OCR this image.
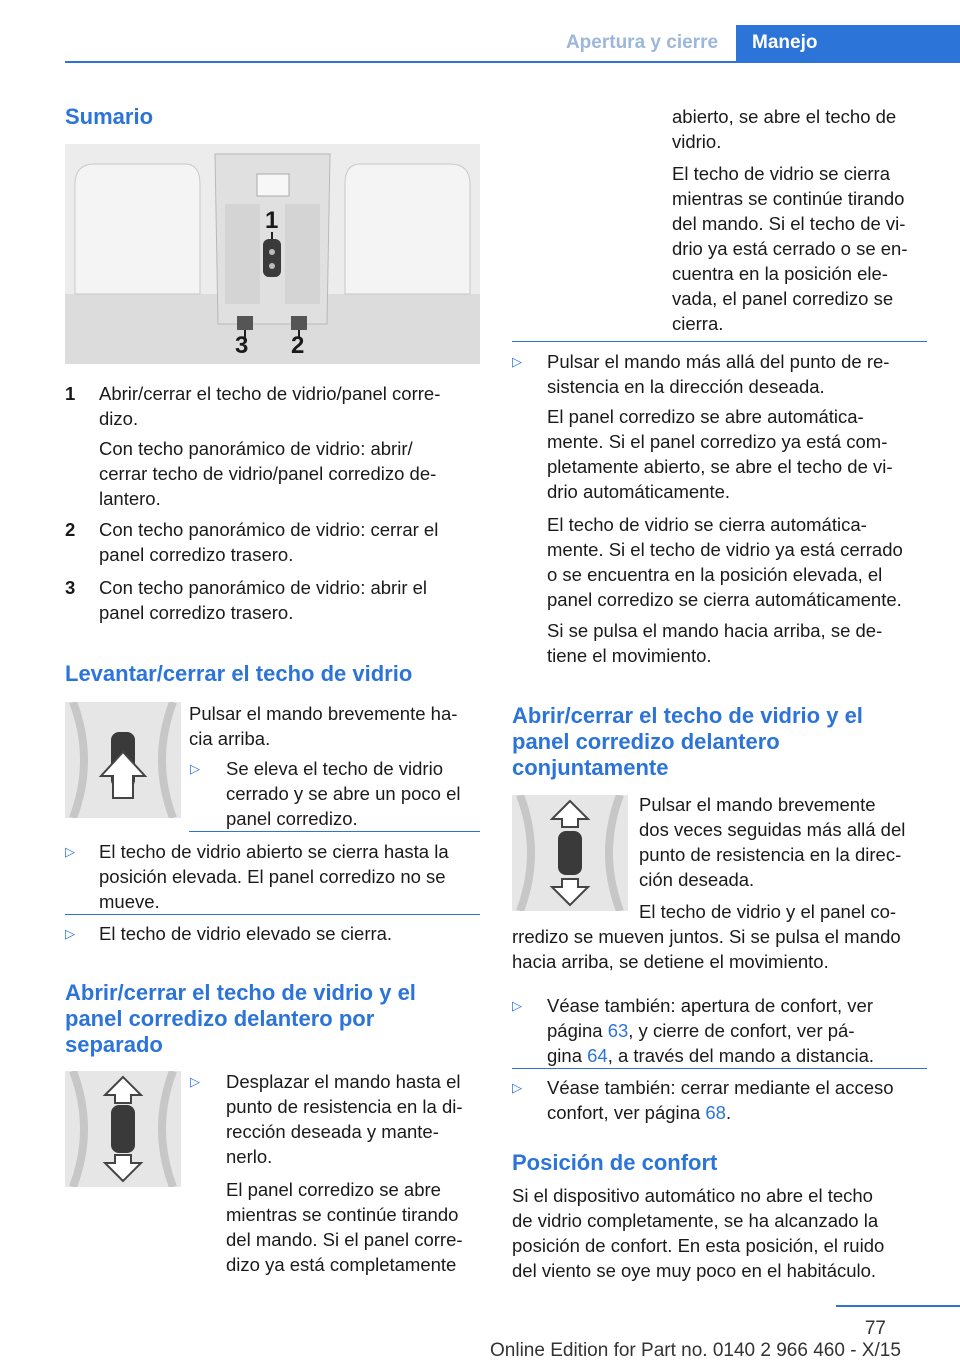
Apertura y cierre	Manejo
Sumario
1
3 2
1 Abrir/cerrar el techo de vidrio/panel corre-
dizo.
Con techo panorámico de vidrio: abrir/
cerrar techo de vidrio/panel corredizo de-
lantero.
2 Con techo panorámico de vidrio: cerrar el
panel corredizo trasero.
3 Con techo panorámico de vidrio: abrir el
panel corredizo trasero.
Levantar/cerrar el techo de vidrio
Pulsar el mando brevemente ha-
cia arriba.
▷ Se eleva el techo de vidrio
cerrado y se abre un poco el
panel corredizo.
▷ El techo de vidrio abierto se cierra hasta la
posición elevada. El panel corredizo no se
mueve.
▷ El techo de vidrio elevado se cierra.
Abrir/cerrar el techo de vidrio y el
panel corredizo delantero por
separado
▷ Desplazar el mando hasta el
punto de resistencia en la di-
rección deseada y mante-
nerlo.
El panel corredizo se abre
mientras se continúe tirando
del mando. Si el panel corre-
dizo ya está completamente
abierto, se abre el techo de
vidrio.
El techo de vidrio se cierra
mientras se continúe tirando
del mando. Si el techo de vi-
drio ya está cerrado o se en-
cuentra en la posición ele-
vada, el panel corredizo se
cierra.
▷ Pulsar el mando más allá del punto de re-
sistencia en la dirección deseada.
El panel corredizo se abre automática-
mente. Si el panel corredizo ya está com-
pletamente abierto, se abre el techo de vi-
drio automáticamente.
El techo de vidrio se cierra automática-
mente. Si el techo de vidrio ya está cerrado
o se encuentra en la posición elevada, el
panel corredizo se cierra automáticamente.
Si se pulsa el mando hacia arriba, se de-
tiene el movimiento.
Abrir/cerrar el techo de vidrio y el
panel corredizo delantero
conjuntamente
Pulsar el mando brevemente
dos veces seguidas más allá del
punto de resistencia en la direc-
ción deseada.
El techo de vidrio y el panel co-
rredizo se mueven juntos. Si se pulsa el mando
hacia arriba, se detiene el movimiento.
▷ Véase también: apertura de confort, ver
página 63, y cierre de confort, ver pá-
gina 64, a través del mando a distancia.
▷ Véase también: cerrar mediante el acceso
confort, ver página 68.
Posición de confort
Si el dispositivo automático no abre el techo
de vidrio completamente, se ha alcanzado la
posición de confort. En esta posición, el ruido
del viento se oye muy poco en el habitáculo.
77
Online Edition for Part no. 0140 2 966 460 - X/15
